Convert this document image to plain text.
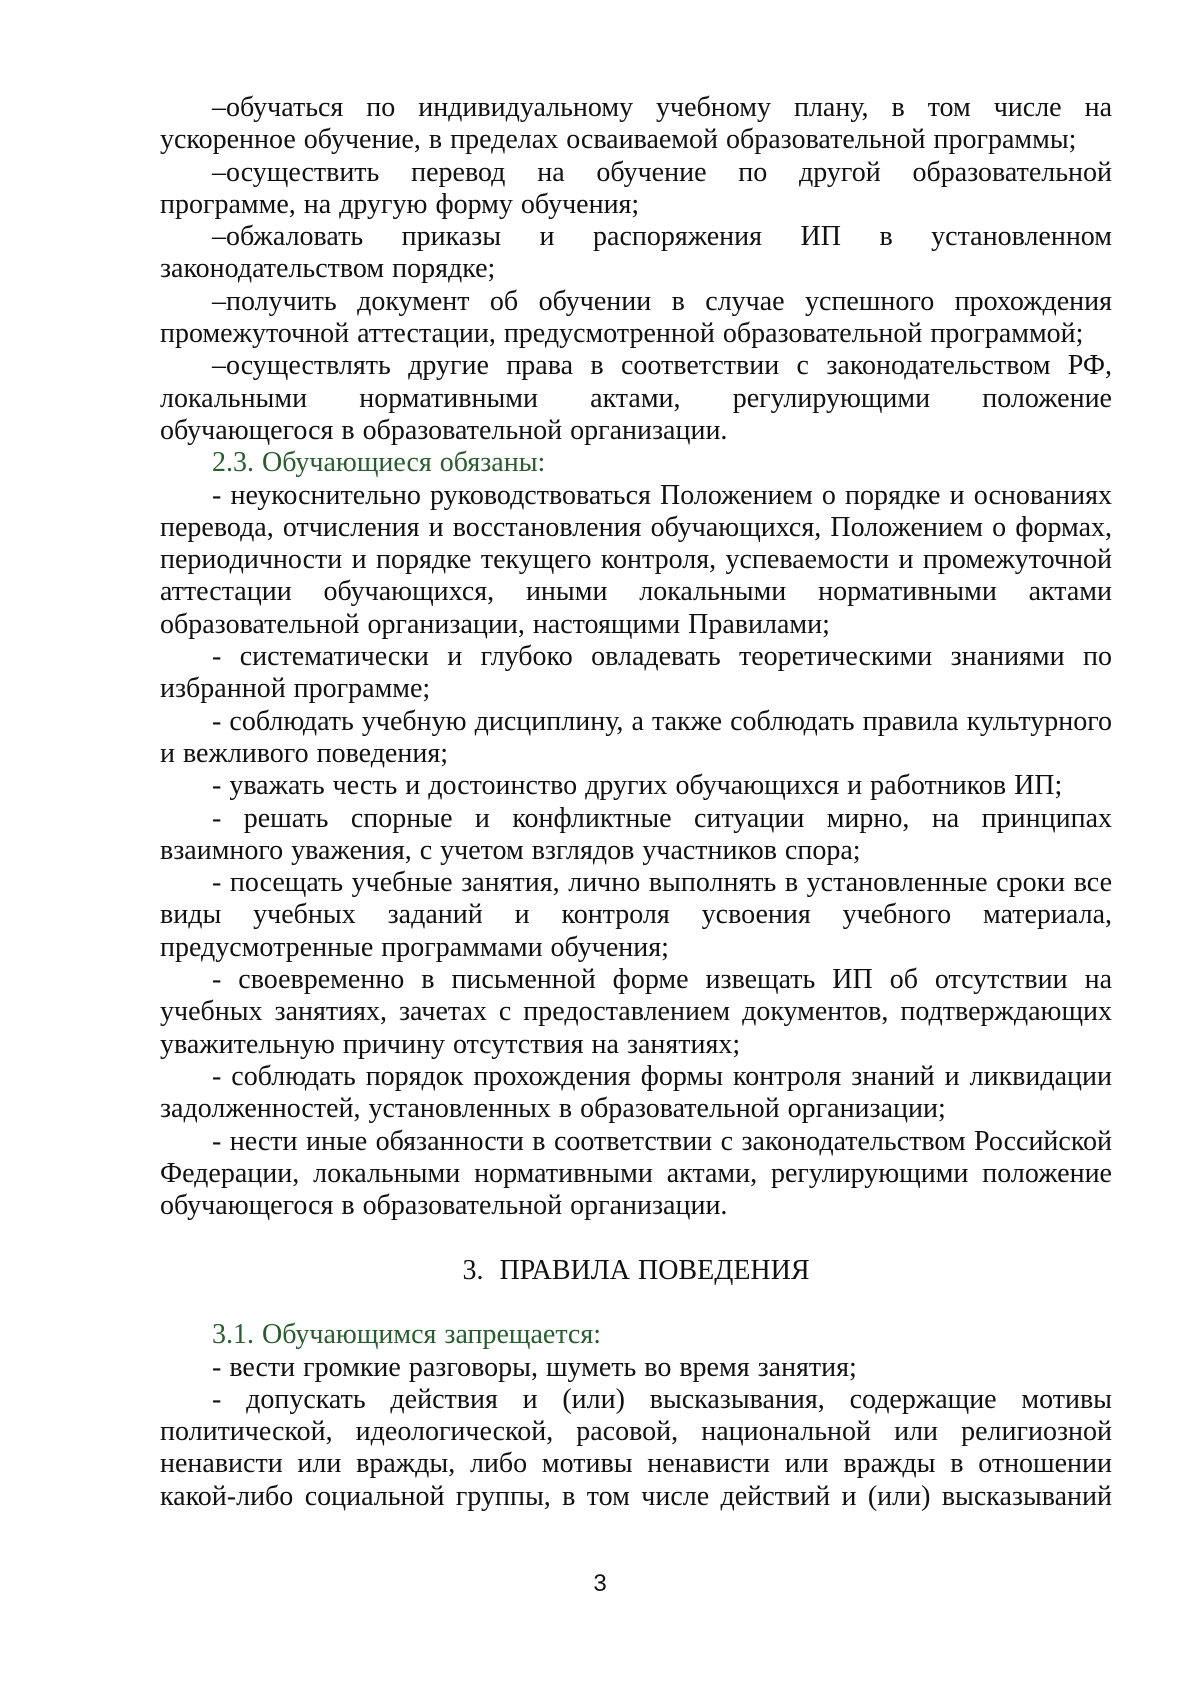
–обучаться по индивидуальному учебному плану, в том числе на ускоренное обучение, в пределах осваиваемой образовательной программы;

–осуществить перевод на обучение по другой образовательной программе, на другую форму обучения;

–обжаловать приказы и распоряжения ИП в установленном законодательством порядке;

–получить документ об обучении в случае успешного прохождения промежуточной аттестации, предусмотренной образовательной программой;

–осуществлять другие права в соответствии с законодательством РФ, локальными нормативными актами, регулирующими положение обучающегося в образовательной организации.

2.3. Обучающиеся обязаны:

- неукоснительно руководствоваться Положением о порядке и основаниях перевода, отчисления и восстановления обучающихся, Положением о формах, периодичности и порядке текущего контроля, успеваемости и промежуточной аттестации обучающихся, иными локальными нормативными актами образовательной организации, настоящими Правилами;

- систематически и глубоко овладевать теоретическими знаниями по избранной программе;

- соблюдать учебную дисциплину, а также соблюдать правила культурного и вежливого поведения;

- уважать честь и достоинство других обучающихся и работников ИП;

- решать спорные и конфликтные ситуации мирно, на принципах взаимного уважения, с учетом взглядов участников спора;

- посещать учебные занятия, лично выполнять в установленные сроки все виды учебных заданий и контроля усвоения учебного материала, предусмотренные программами обучения;

- своевременно в письменной форме извещать ИП об отсутствии на учебных занятиях, зачетах с предоставлением документов, подтверждающих уважительную причину отсутствия на занятиях;

- соблюдать порядок прохождения формы контроля знаний и ликвидации задолженностей, установленных в образовательной организации;

- нести иные обязанности в соответствии с законодательством Российской Федерации, локальными нормативными актами, регулирующими положение обучающегося в образовательной организации.

3.  ПРАВИЛА ПОВЕДЕНИЯ

3.1. Обучающимся запрещается:

- вести громкие разговоры, шуметь во время занятия;

- допускать действия и (или) высказывания, содержащие мотивы политической, идеологической, расовой, национальной или религиозной ненависти или вражды, либо мотивы ненависти или вражды в отношении какой-либо социальной группы, в том числе действий и (или) высказываний

3
